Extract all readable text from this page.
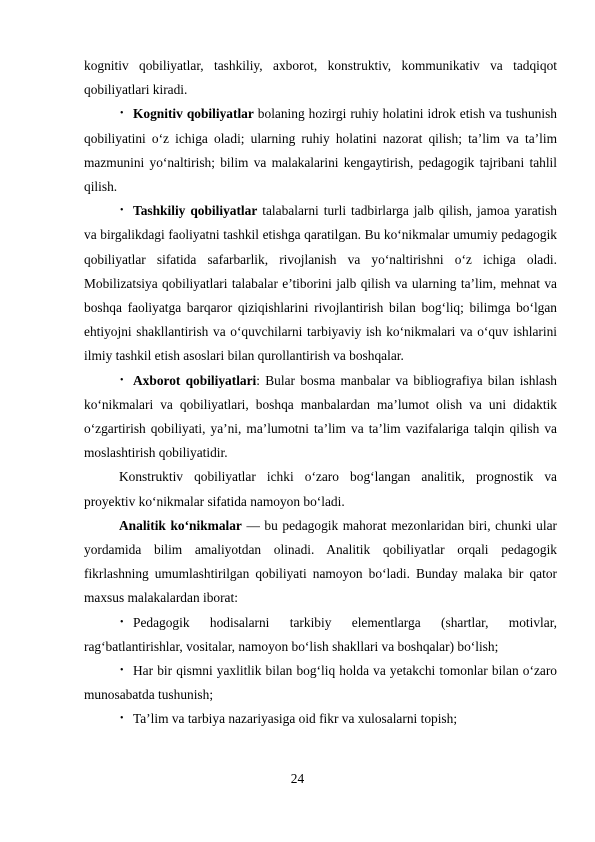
kognitiv qobiliyatlar, tashkiliy, axborot, konstruktiv, kommunikativ va tadqiqot qobiliyatlari kiradi.

• Kognitiv qobiliyatlar bolaning hozirgi ruhiy holatini idrok etish va tushunish qobiliyatini o‘z ichiga oladi; ularning ruhiy holatini nazorat qilish; ta’lim va ta’lim mazmunini yo‘naltirish; bilim va malakalarini kengaytirish, pedagogik tajribani tahlil qilish.
• Tashkiliy qobiliyatlar talabalarni turli tadbirlarga jalb qilish, jamoa yaratish va birgalikdagi faoliyatni tashkil etishga qaratilgan. Bu ko‘nikmalar umumiy pedagogik qobiliyatlar sifatida safarbarlik, rivojlanish va yo‘naltirishni o‘z ichiga oladi. Mobilizatsiya qobiliyatlari talabalar e’tiborini jalb qilish va ularning ta’lim, mehnat va boshqa faoliyatga barqaror qiziqishlarini rivojlantirish bilan bog‘liq; bilimga bo‘lgan ehtiyojni shakllantirish va o‘quvchilarni tarbiyaviy ish ko‘nikmalari va o‘quv ishlarini ilmiy tashkil etish asoslari bilan qurollantirish va boshqalar.
• Axborot qobiliyatlari: Bular bosma manbalar va bibliografiya bilan ishlash ko‘nikmalari va qobiliyatlari, boshqa manbalardan ma’lumot olish va uni didaktik o‘zgartirish qobiliyati, ya’ni, ma’lumotni ta’lim va ta’lim vazifalariga talqin qilish va moslashtirish qobiliyatidir.

Konstruktiv qobiliyatlar ichki o‘zaro bog‘langan analitik, prognostik va proyektiv ko‘nikmalar sifatida namoyon bo‘ladi.

Analitik ko‘nikmalar — bu pedagogik mahorat mezonlaridan biri, chunki ular yordamida bilim amaliyotdan olinadi. Analitik qobiliyatlar orqali pedagogik fikrlashning umumlashtirilgan qobiliyati namoyon bo‘ladi. Bunday malaka bir qator maxsus malakalardan iborat:

• Pedagogik hodisalarni tarkibiy elementlarga (shartlar, motivlar, rag‘batlantirishlar, vositalar, namoyon bo‘lish shakllari va boshqalar) bo‘lish;
• Har bir qismni yaxlitlik bilan bog‘liq holda va yetakchi tomonlar bilan o‘zaro munosabatda tushunish;
• Ta’lim va tarbiya nazariyasiga oid fikr va xulosalarni topish;
24
